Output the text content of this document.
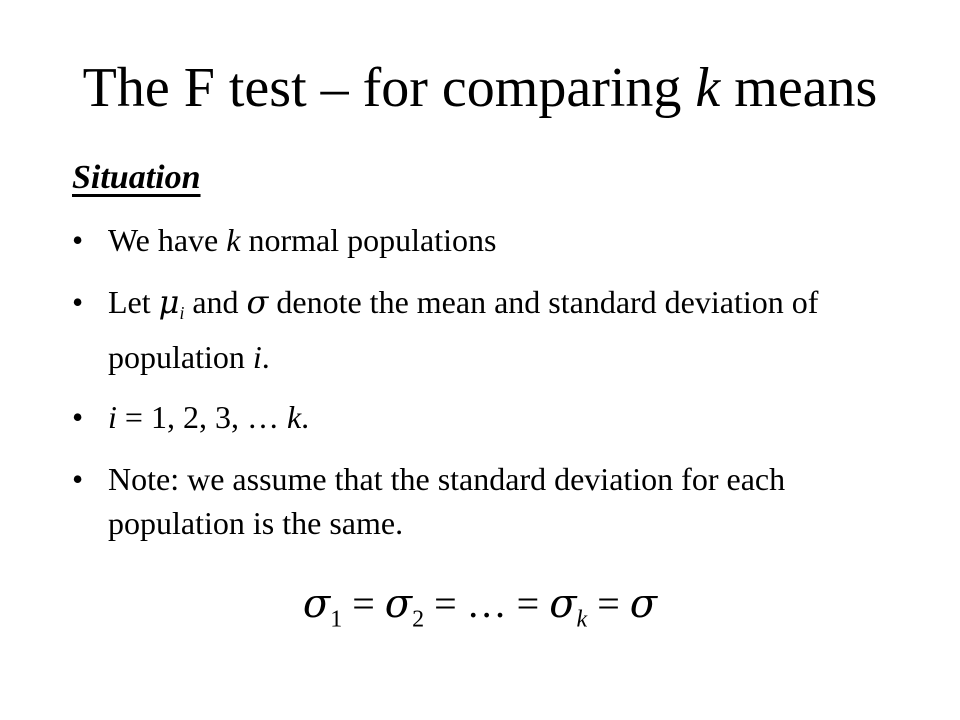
The F test – for comparing k means
Situation
• We have k normal populations
• Let $\mu_i$ and σ denote the mean and standard deviation of population i.
• i = 1, 2, 3, … k.
• Note: we assume that the standard deviation for each population is the same.
$\sigma_1 = \sigma_2$ = … = $\sigma_k = \sigma$
